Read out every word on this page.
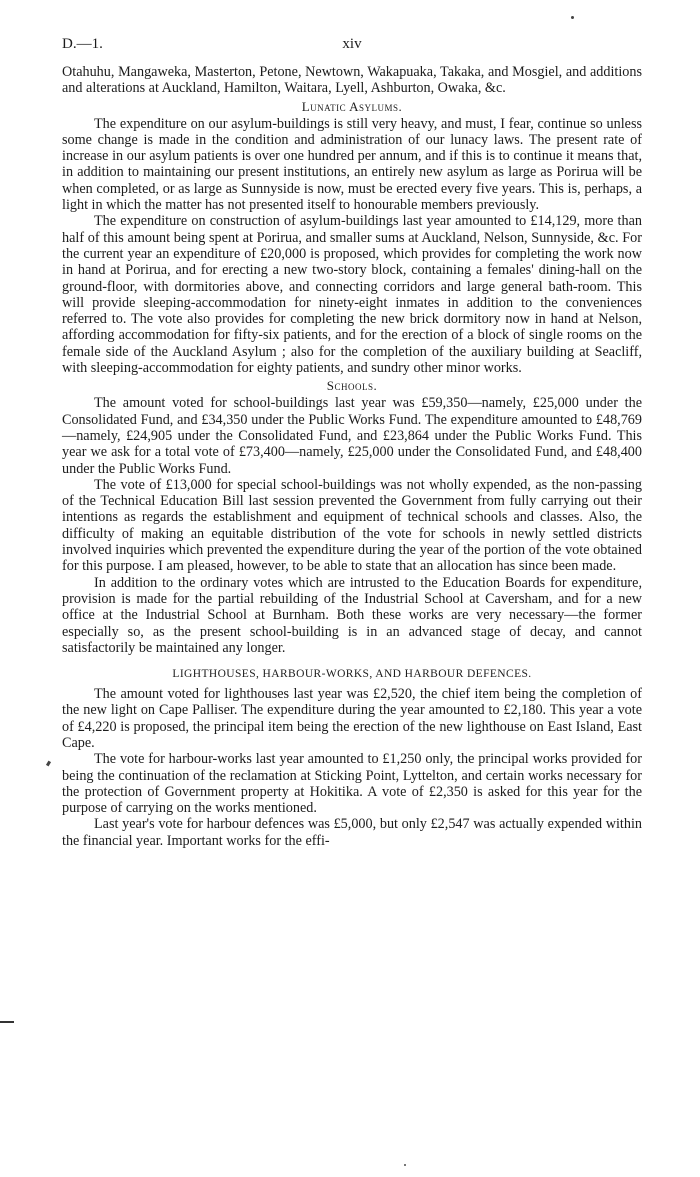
D.—1.	xiv

Otahuhu, Mangaweka, Masterton, Petone, Newtown, Wakapuaka, Takaka, and Mosgiel, and additions and alterations at Auckland, Hamilton, Waitara, Lyell, Ashburton, Owaka, &c.

Lunatic Asylums.

The expenditure on our asylum-buildings is still very heavy, and must, I fear, continue so unless some change is made in the condition and administration of our lunacy laws. The present rate of increase in our asylum patients is over one hundred per annum, and if this is to continue it means that, in addition to maintaining our present institutions, an entirely new asylum as large as Porirua will be when completed, or as large as Sunnyside is now, must be erected every five years. This is, perhaps, a light in which the matter has not presented itself to honourable members previously.

The expenditure on construction of asylum-buildings last year amounted to £14,129, more than half of this amount being spent at Porirua, and smaller sums at Auckland, Nelson, Sunnyside, &c. For the current year an expenditure of £20,000 is proposed, which provides for completing the work now in hand at Porirua, and for erecting a new two-story block, containing a females' dining-hall on the ground-floor, with dormitories above, and connecting corridors and large general bath-room. This will provide sleeping-accommodation for ninety-eight inmates in addition to the conveniences referred to. The vote also provides for completing the new brick dormitory now in hand at Nelson, affording accommodation for fifty-six patients, and for the erection of a block of single rooms on the female side of the Auckland Asylum ; also for the completion of the auxiliary building at Seacliff, with sleeping-accommodation for eighty patients, and sundry other minor works.

Schools.

The amount voted for school-buildings last year was £59,350—namely, £25,000 under the Consolidated Fund, and £34,350 under the Public Works Fund. The expenditure amounted to £48,769—namely, £24,905 under the Consolidated Fund, and £23,864 under the Public Works Fund. This year we ask for a total vote of £73,400—namely, £25,000 under the Consolidated Fund, and £48,400 under the Public Works Fund.

The vote of £13,000 for special school-buildings was not wholly expended, as the non-passing of the Technical Education Bill last session prevented the Government from fully carrying out their intentions as regards the establishment and equipment of technical schools and classes. Also, the difficulty of making an equitable distribution of the vote for schools in newly settled districts involved inquiries which prevented the expenditure during the year of the portion of the vote obtained for this purpose. I am pleased, however, to be able to state that an allocation has since been made.

In addition to the ordinary votes which are intrusted to the Education Boards for expenditure, provision is made for the partial rebuilding of the Industrial School at Caversham, and for a new office at the Industrial School at Burnham. Both these works are very necessary—the former especially so, as the present school-building is in an advanced stage of decay, and cannot satisfactorily be maintained any longer.

LIGHTHOUSES, HARBOUR-WORKS, AND HARBOUR DEFENCES.

The amount voted for lighthouses last year was £2,520, the chief item being the completion of the new light on Cape Palliser. The expenditure during the year amounted to £2,180. This year a vote of £4,220 is proposed, the principal item being the erection of the new lighthouse on East Island, East Cape.

The vote for harbour-works last year amounted to £1,250 only, the principal works provided for being the continuation of the reclamation at Sticking Point, Lyttelton, and certain works necessary for the protection of Government property at Hokitika. A vote of £2,350 is asked for this year for the purpose of carrying on the works mentioned.

Last year's vote for harbour defences was £5,000, but only £2,547 was actually expended within the financial year. Important works for the effi-
